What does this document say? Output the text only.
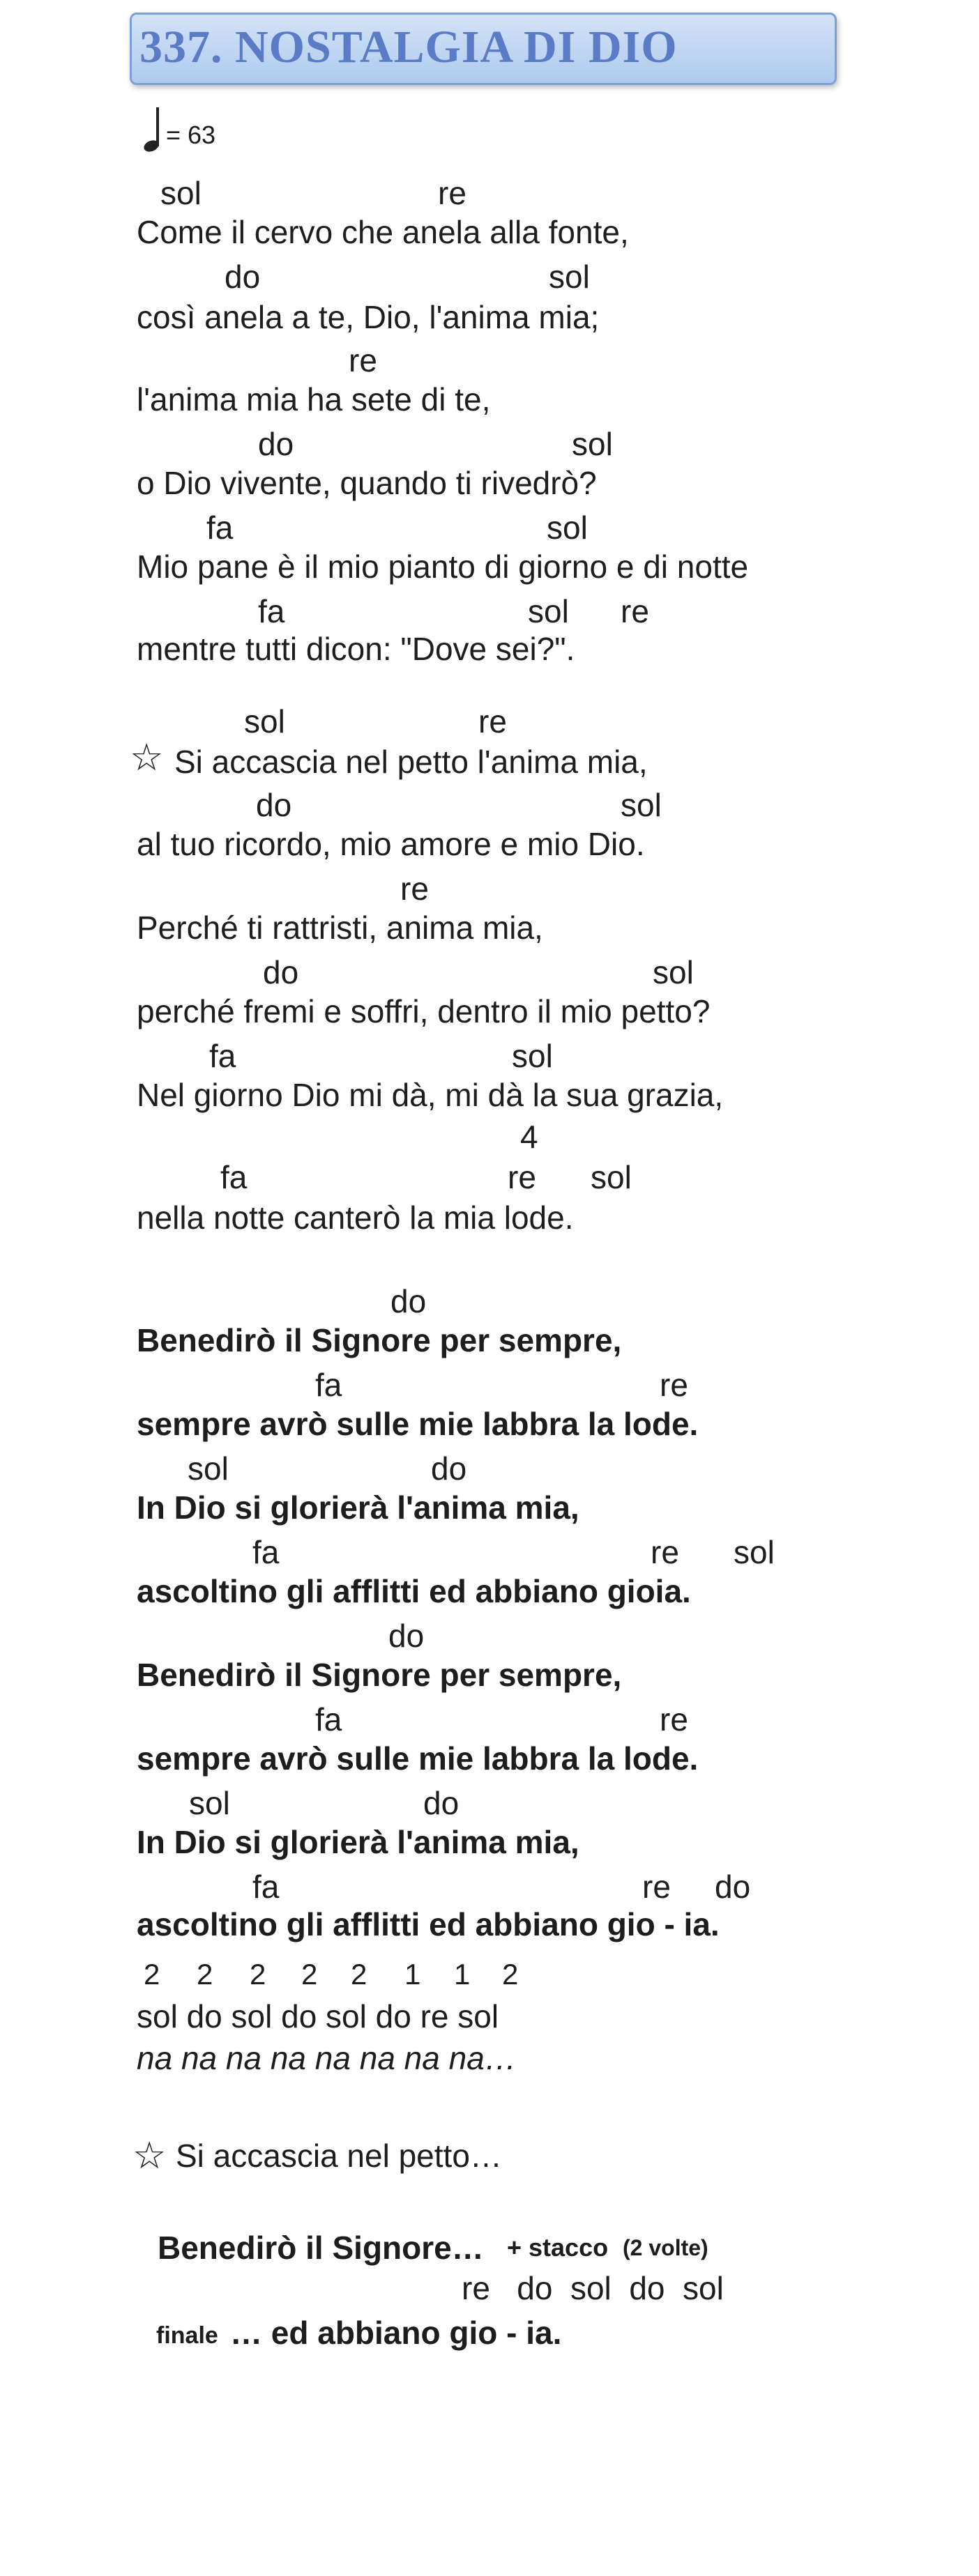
337. NOSTALGIA DI DIO
= 63
sol	re
Come il cervo che anela alla fonte,
do	sol
così anela a te, Dio, l'anima mia;
re
l'anima mia ha sete di te,
do	sol
o Dio vivente, quando ti rivedrò?
fa	sol
Mio pane è il mio pianto di giorno e di notte
fa	sol re
mentre tutti dicon: "Dove sei?".
sol	re
Si accascia nel petto l'anima mia,
do	sol
al tuo ricordo, mio amore e mio Dio.
re
Perché ti rattristi, anima mia,
do	sol
perché fremi e soffri, dentro il mio petto?
fa	sol
Nel giorno Dio mi dà, mi dà la sua grazia,
4
fa	re sol
nella notte canterò la mia lode.
do
Benedirò il Signore per sempre,
fa	re
sempre avrò sulle mie labbra la lode.
sol	do
In Dio si glorierà l'anima mia,
fa	re sol
ascoltino gli afflitti ed abbiano gioia.
do
Benedirò il Signore per sempre,
fa	re
sempre avrò sulle mie labbra la lode.
sol	do
In Dio si glorierà l'anima mia,
fa	re do
ascoltino gli afflitti ed abbiano gio - ia.
☆
2 2 2 2 2 1 1 2
sol do sol do sol do re sol
na na na na na na na na…
☆ Si accascia nel petto…
Benedirò il Signore… + stacco (2 volte)
re   do  sol  do  sol
finale … ed abbiano gio - ia.
